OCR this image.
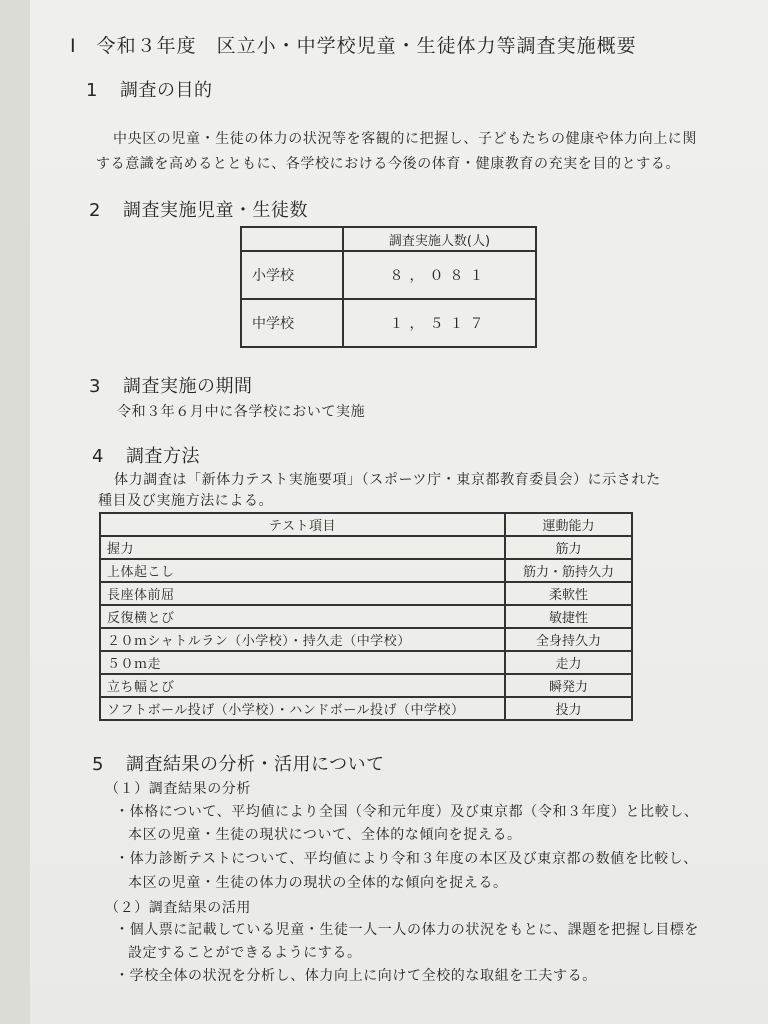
Ⅰ 令和３年度　区立小・中学校児童・生徒体力等調査実施概要
1 調査の目的
中央区の児童・生徒の体力の状況等を客観的に把握し、子どもたちの健康や体力向上に関
する意識を高めるとともに、各学校における今後の体育・健康教育の充実を目的とする。
2 調査実施児童・生徒数
	調査実施人数(人)
小学校	８，０８１
中学校	１，５１７
3 調査実施の期間
令和３年６月中に各学校において実施
4 調査方法
体力調査は「新体力テスト実施要項」（スポーツ庁・東京都教育委員会）に示された
種目及び実施方法による。
テスト項目	運動能力
握力	筋力
上体起こし	筋力・筋持久力
長座体前屈	柔軟性
反復横とび	敏捷性
２０ｍシャトルラン（小学校）・持久走（中学校）	全身持久力
５０ｍ走	走力
立ち幅とび	瞬発力
ソフトボール投げ（小学校）・ハンドボール投げ（中学校）	投力
5 調査結果の分析・活用について
（１）調査結果の分析
・体格について、平均値により全国（令和元年度）及び東京都（令和３年度）と比較し、
本区の児童・生徒の現状について、全体的な傾向を捉える。
・体力診断テストについて、平均値により令和３年度の本区及び東京都の数値を比較し、
本区の児童・生徒の体力の現状の全体的な傾向を捉える。
（２）調査結果の活用
・個人票に記載している児童・生徒一人一人の体力の状況をもとに、課題を把握し目標を
設定することができるようにする。
・学校全体の状況を分析し、体力向上に向けて全校的な取組を工夫する。
